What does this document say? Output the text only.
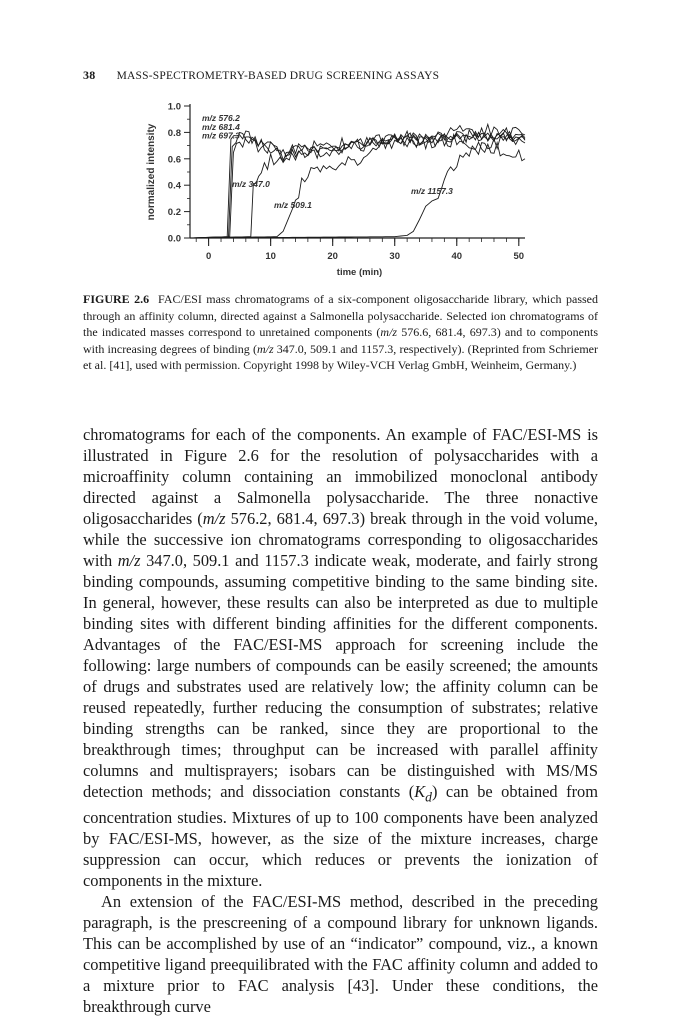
38 MASS-SPECTROMETRY-BASED DRUG SCREENING ASSAYS
0.0
0.2
0.4
0.6
0.8
1.0
0	10	20	30	40	50
time (min)
normalized intensity
m/z 576.2
m/z 681.4
m/z 697.3
m/z 347.0
m/z 509.1
m/z 1157.3
FIGURE 2.6 FAC/ESI mass chromatograms of a six-component oligosaccharide library, which passed through an affinity column, directed against a Salmonella polysaccharide. Selected ion chromatograms of the indicated masses correspond to unretained components (m/z 576.6, 681.4, 697.3) and to components with increasing degrees of binding (m/z 347.0, 509.1 and 1157.3, respectively). (Reprinted from Schriemer et al. [41], used with permission. Copyright 1998 by Wiley-VCH Verlag GmbH, Weinheim, Germany.)

chromatograms for each of the components. An example of FAC/ESI-MS is illustrated in Figure 2.6 for the resolution of polysaccharides with a microaffinity column containing an immobilized monoclonal antibody directed against a Salmonella polysaccharide. The three nonactive oligosaccharides (m/z 576.2, 681.4, 697.3) break through in the void volume, while the successive ion chromatograms corresponding to oligosaccharides with m/z 347.0, 509.1 and 1157.3 indicate weak, moderate, and fairly strong binding compounds, assuming competitive binding to the same binding site. In general, however, these results can also be interpreted as due to multiple binding sites with different binding affinities for the different components. Advantages of the FAC/ESI-MS approach for screening include the following: large numbers of compounds can be easily screened; the amounts of drugs and substrates used are relatively low; the affinity column can be reused repeatedly, further reducing the consumption of substrates; relative binding strengths can be ranked, since they are proportional to the breakthrough times; throughput can be increased with parallel affinity columns and multisprayers; isobars can be distinguished with MS/MS detection methods; and dissociation constants $(K_d)$ can be obtained from concentration studies. Mixtures of up to 100 components have been analyzed by FAC/ESI-MS, however, as the size of the mixture increases, charge suppression can occur, which reduces or prevents the ionization of components in the mixture.

An extension of the FAC/ESI-MS method, described in the preceding paragraph, is the prescreening of a compound library for unknown ligands. This can be accomplished by use of an “indicator” compound, viz., a known competitive ligand preequilibrated with the FAC affinity column and added to a mixture prior to FAC analysis [43]. Under these conditions, the breakthrough curve
